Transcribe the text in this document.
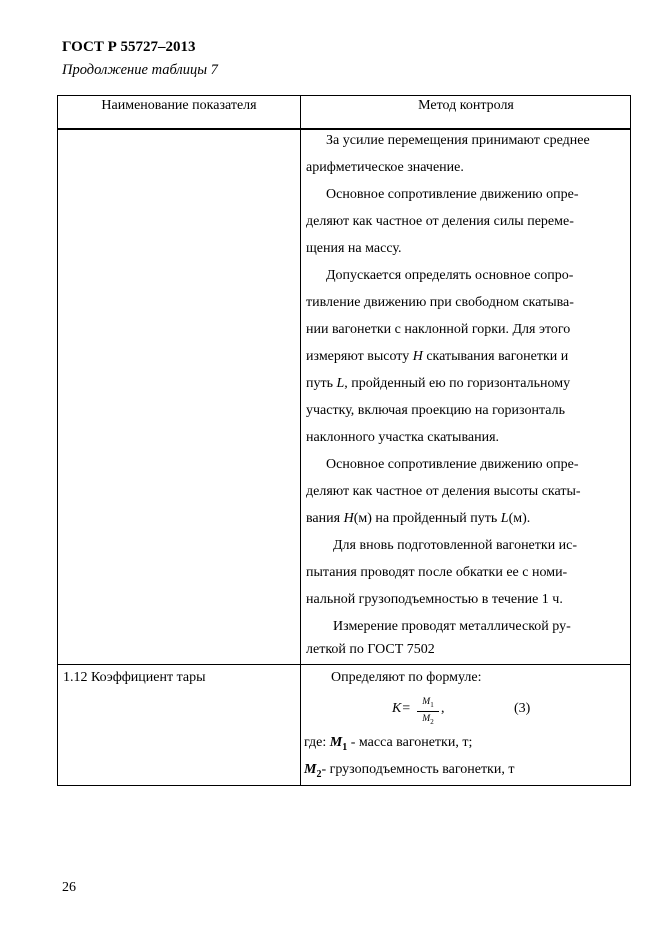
ГОСТ Р 55727–2013
Продолжение таблицы 7
Наименование показателя	Метод контроля
За усилие перемещения принимают среднее
арифметическое значение.
Основное сопротивление движению опре-
деляют как частное от деления силы переме-
щения на массу.
Допускается определять основное сопро-
тивление движению при свободном скатыва-
нии вагонетки с наклонной горки. Для этого
измеряют высоту H скатывания вагонетки и
путь L, пройденный ею по горизонтальному
участку, включая проекцию на горизонталь
наклонного участка скатывания.
Основное сопротивление движению опре-
деляют как частное от деления высоты скаты-
вания H(м) на пройденный путь L(м).
Для вновь подготовленной вагонетки ис-
пытания проводят после обкатки ее с номи-
нальной грузоподъемностью в течение 1 ч.
Измерение проводят металлической ру-
леткой по ГОСТ 7502
1.12 Коэффициент тары	Определяют по формуле:
K=	$M_1$
$M_2$
,	(3)
где: $M_1$ - масса вагонетки, т;
$M_2-$ грузоподъемность вагонетки, т
26
